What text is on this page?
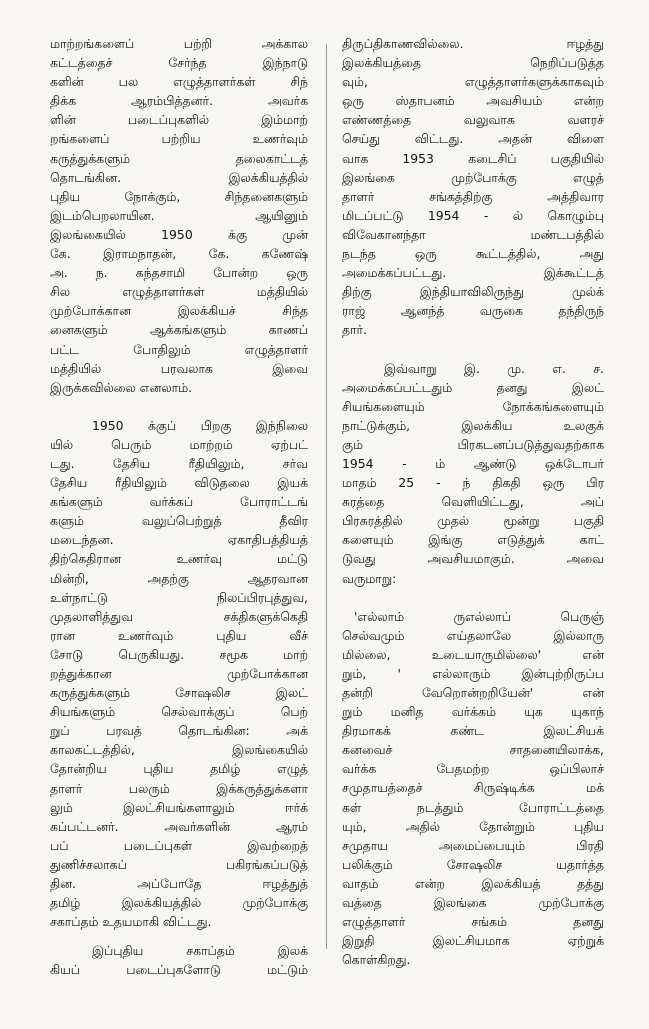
மாற்றங்களைப் பற்றி அக்கால
கட்டத்தைச் சேர்ந்த இந்நாடு
களின் பல எழுத்தாளர்கள் சிந்
திக்க ஆரம்பித்தனர். அவர்க
ளின் படைப்புகளில் இம்மாற்
றங்களைப் பற்றிய உணர்வும்
கருத்துக்களும் தலைகாட்டத்
தொடங்கின. இலக்கியத்தில்
புதிய நோக்கும், சிந்தனைகளும்
இடம்பெறலாயின. ஆயினும்
இலங்கையில் 1950 க்கு முன்
கே. இராமநாதன், கே. கணேஷ்
அ. ந. கந்தசாமி போன்ற ஒரு
சில எழுத்தாளர்கள் மத்தியில்
முற்போக்கான இலக்கியச் சிந்த
னைகளும் ஆக்கங்களும் காணப்
பட்ட போதிலும் எழுத்தாளர்
மத்தியில் பரவலாக இவை
இருக்கவில்லை எனலாம்.
1950 க்குப் பிறகு இந்நிலை
யில் பெரும் மாற்றம் ஏற்பட்
டது. தேசிய ரீதியிலும், சர்வ
தேசிய ரீதியிலும் விடுதலை இயக்
கங்களும் வர்க்கப் போராட்டங்
களும் வலுப்பெற்றுத் தீவிர
மடைந்தன. ஏகாதிபத்தியத்
திற்கெதிரான உணர்வு மட்டு
மின்றி, அதற்கு ஆதரவான
உள்நாட்டு நிலப்பிரபுத்துவ,
முதலாளித்துவ சக்திகளுக்கெதி
ரான உணர்வும் புதிய வீச்
சோடு பெருகியது. சமூக மாற்
றத்துக்கான முற்போக்கான
கருத்துக்களும் சோஷலிச இலட்
சியங்களும் செல்வாக்குப் பெற்
றுப் பரவத் தொடங்கின: அக்
காலகட்டத்தில், இலங்கையில்
தோன்றிய புதிய தமிழ் எழுத்
தாளர் பலரும் இக்கருத்துக்களா
லும் இலட்சியங்களாலும் ஈர்க்
கப்பட்டனர். அவர்களின் ஆரம்
பப் படைப்புகள் இவற்றைத்
துணிச்சலாகப் பகிரங்கப்படுத்
தின. அப்போதே ஈழத்துத்
தமிழ் இலக்கியத்தில் முற்போக்கு
சகாப்தம் உதயமாகி விட்டது.
இப்புதிய சகாப்தம் இலக்
கியப் படைப்புகளோடு மட்டும்
திருப்திகாணவில்லை. ஈழத்து
இலக்கியத்தை நெறிப்படுத்த
வும், எழுத்தாளர்களுக்காகவும்
ஒரு ஸ்தாபனம் அவசியம் என்ற
எண்ணத்தை வலுவாக வளரச்
செய்து விட்டது. அதன் விளை
வாக 1953 கடைசிப் பகுதியில்
இலங்கை முற்போக்கு எழுத்
தாளர் சங்கத்திற்கு அத்திவார
மிடப்பட்டு 1954 - ல் கொழும்பு
விவேகானந்தா மண்டபத்தில்
நடந்த ஒரு கூட்டத்தில், அது
அமைக்கப்பட்டது. இக்கூட்டத்
திற்கு இந்தியாவிலிருந்து முல்க்
ராஜ் ஆனந்த் வருகை தந்திருந்
தார்.
இவ்வாறு இ. மு. எ. ச.
அமைக்கப்பட்டதும் தனது இலட்
சியங்களையும் நோக்கங்களையும்
நாட்டுக்கும், இலக்கிய உலகுக்
கும் பிரகடனப்படுத்துவதற்காக
1954 - ம் ஆண்டு ஒக்டோபர்
மாதம் 25 - ந் திகதி ஒரு பிர
சுரத்தை வெளியிட்டது, அப்
பிரசுரத்தில் முதல் மூன்று பகுதி
களையும் இங்கு எடுத்துக் காட்
டுவது அவசியமாகும். அவை
வருமாறு:
'எல்லாம் ருஎல்லாப் பெருஞ்
செல்வமும் எய்தலாலே இல்லாரு
மில்லை, உடையாருமில்லை' என்
றும், ' எல்லாரும் இன்புற்றிருப்ப
தன்றி வேறொன்றறியேன்' என்
றும் மனித வர்க்கம் யுக யுகாந்
திரமாகக் கண்ட இலட்சியக்
கனவைச் சாதனையிலாக்க,
வர்க்க பேதமற்ற ஒப்பிலாச்
சமுதாயத்தைச் சிருஷ்டிக்க மக்
கள் நடத்தும் போராட்டத்தை
யும், அதில் தோன்றும் புதிய
சமுதாய அமைப்பையும் பிரதி
பலிக்கும் சோஷலிச யதார்த்த
வாதம் என்ற இலக்கியத் தத்து
வத்தை இலங்கை முற்போக்கு
எழுத்தாளர் சங்கம் தனது
இறுதி இலட்சியமாக ஏற்றுக்
கொள்கிறது.
